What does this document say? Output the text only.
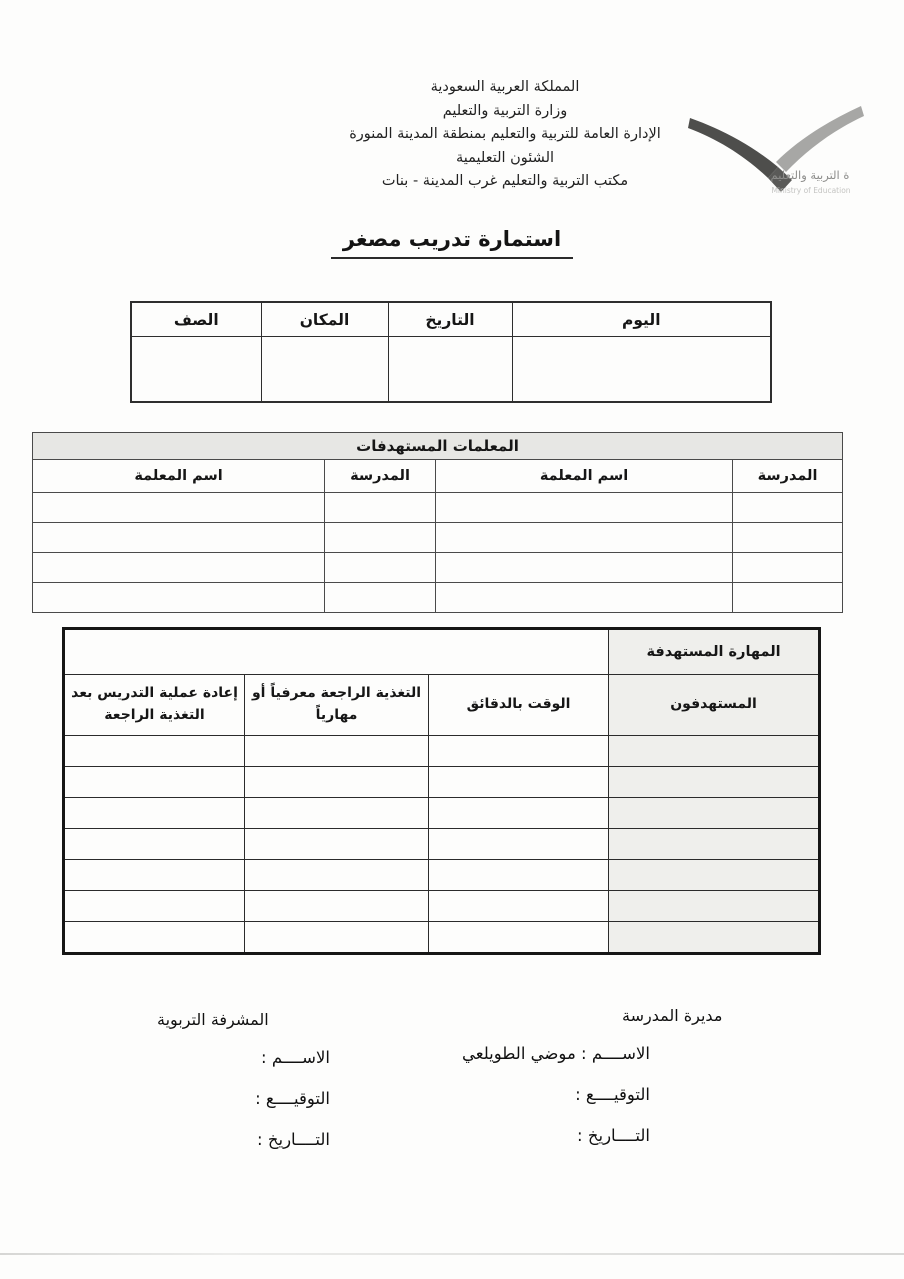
المملكة العربية السعودية
وزارة التربية والتعليم
الإدارة العامة للتربية والتعليم بمنطقة المدينة المنورة
الشئون التعليمية
مكتب التربية والتعليم غرب المدينة - بنات	ة التربية والتعليم
Ministry of Education
استمارة تدريب مصغر
اليوم	التاريخ	المكان	الصف

المعلمات المستهدفات			
المدرسة	اسم المعلمة	المدرسة	اسم المعلمة

المهارة المستهدفة			
المستهدفون	الوقت بالدقائق	التغذية الراجعة معرفياً أو مهارياً	إعادة عملية التدريس بعد التغذية الراجعة

مديرة المدرسة
الاســــم : موضي الطويلعي
التوقيــــع :
التــــاريخ :
المشرفة التربوية
الاســــم :
التوقيــــع :
التــــاريخ :
